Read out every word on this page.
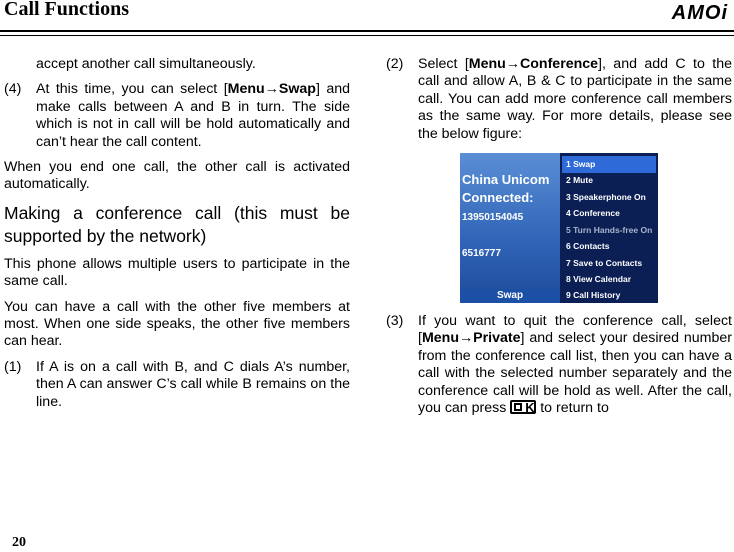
Call Functions	AMOi
accept another call simultaneously.
(4) At this time, you can select [Menu→Swap] and make calls between A and B in turn. The side which is not in call will be hold automatically and can’t hear the call content.
When you end one call, the other call is activated automatically.
Making a conference call (this must be supported by the network)
This phone allows multiple users to participate in the same call.
You can have a call with the other five members at most. When one side speaks, the other five members can hear.
(1) If A is on a call with B, and C dials A’s number, then A can answer C’s call while B remains on the line.
(2) Select [Menu→Conference], and add C to the call and allow A, B & C to participate in the same call. You can add more conference call members as the same way. For more details, please see the below figure:
China Unicom
Connected:
13950154045
6516777
Swap
1 Swap
2 Mute
3 Speakerphone On
4 Conference
5 Turn Hands-free On
6 Contacts
7 Save to Contacts
8 View Calendar
9 Call History
(3) If you want to quit the conference call, select [Menu→Private] and select your desired number from the conference call list, then you can have a call with the selected number separately and the conference call will be hold as well. After the call, you can press K to return to
20
